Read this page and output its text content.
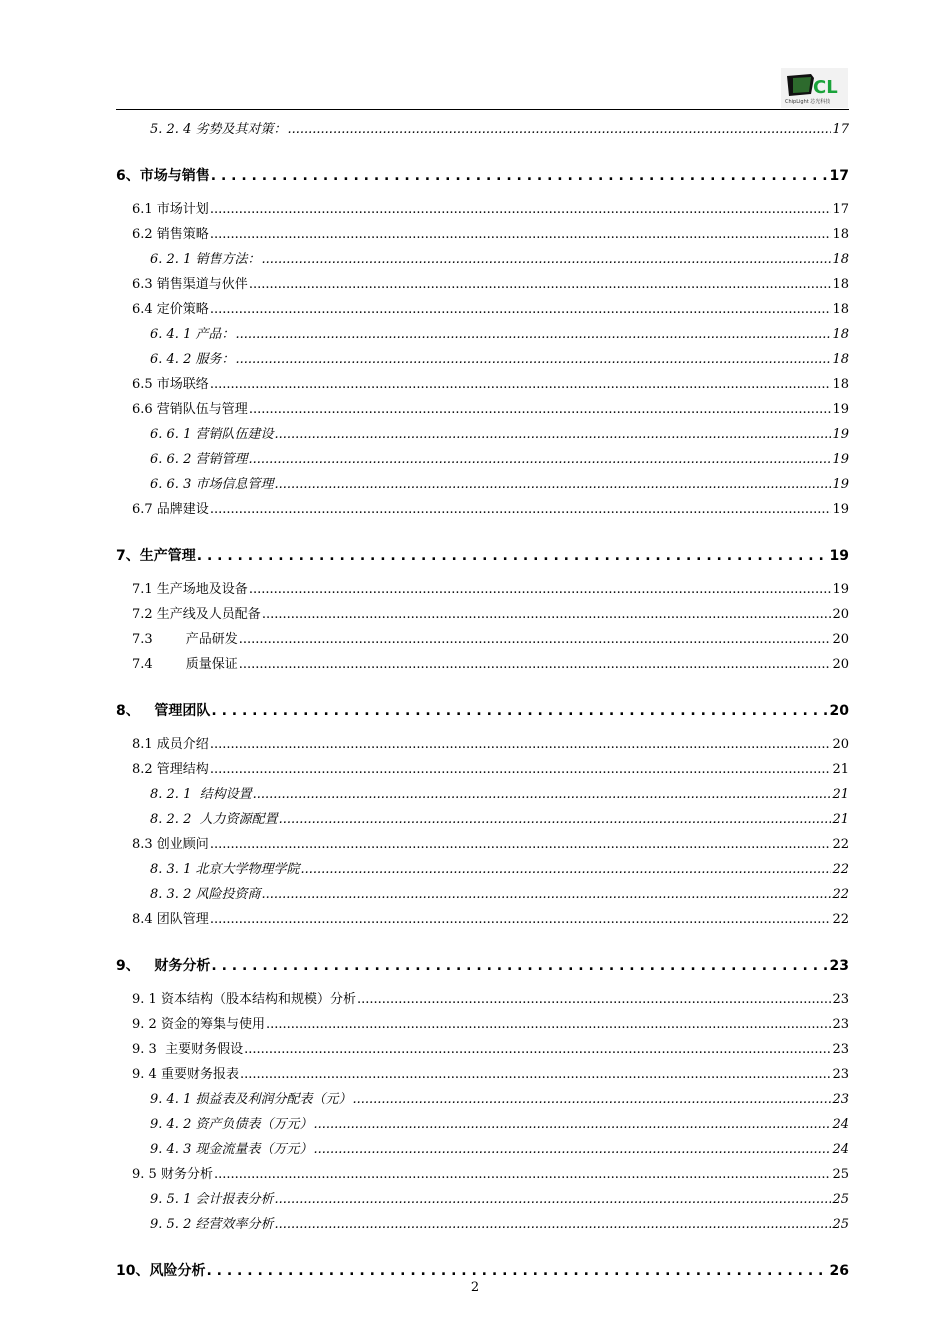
CL
ChipLight 芯光科技
5. 2. 4 劣势及其对策： .....	17
6、市场与销售 . . .	17
6.1 市场计划 .....	17
6.2 销售策略 .....	18
6. 2. 1 销售方法： .....	18
6.3 销售渠道与伙伴 .....	18
6.4 定价策略 .....	18
6. 4. 1 产品： .....	18
6. 4. 2 服务： .....	18
6.5 市场联络 .....	18
6.6 营销队伍与管理 .....	19
6. 6. 1 营销队伍建设 .....	19
6. 6. 2 营销管理 .....	19
6. 6. 3 市场信息管理 .....	19
6.7 品牌建设 .....	19
7、生产管理 . . .	19
7.1 生产场地及设备 .....	19
7.2 生产线及人员配备 .....	20
7.3        产品研发 .....	20
7.4        质量保证 .....	20
8、   管理团队 . . .	20
8.1 成员介绍 .....	20
8.2 管理结构 .....	21
8. 2. 1  结构设置 .....	21
8. 2. 2  人力资源配置 .....	21
8.3 创业顾问 .....	22
8. 3. 1 北京大学物理学院 .....	22
8. 3. 2 风险投资商 .....	22
8.4 团队管理 .....	22
9、   财务分析 . . .	23
9. 1 资本结构（股本结构和规模）分析 .....	23
9. 2 资金的筹集与使用 .....	23
9. 3  主要财务假设 .....	23
9. 4 重要财务报表 .....	23
9. 4. 1 损益表及利润分配表（元） .....	23
9. 4. 2 资产负债表（万元） .....	24
9. 4. 3 现金流量表（万元） .....	24
9. 5 财务分析 .....	25
9. 5. 1 会计报表分析 .....	25
9. 5. 2 经营效率分析 .....	25
10、风险分析 . . .	26
2
